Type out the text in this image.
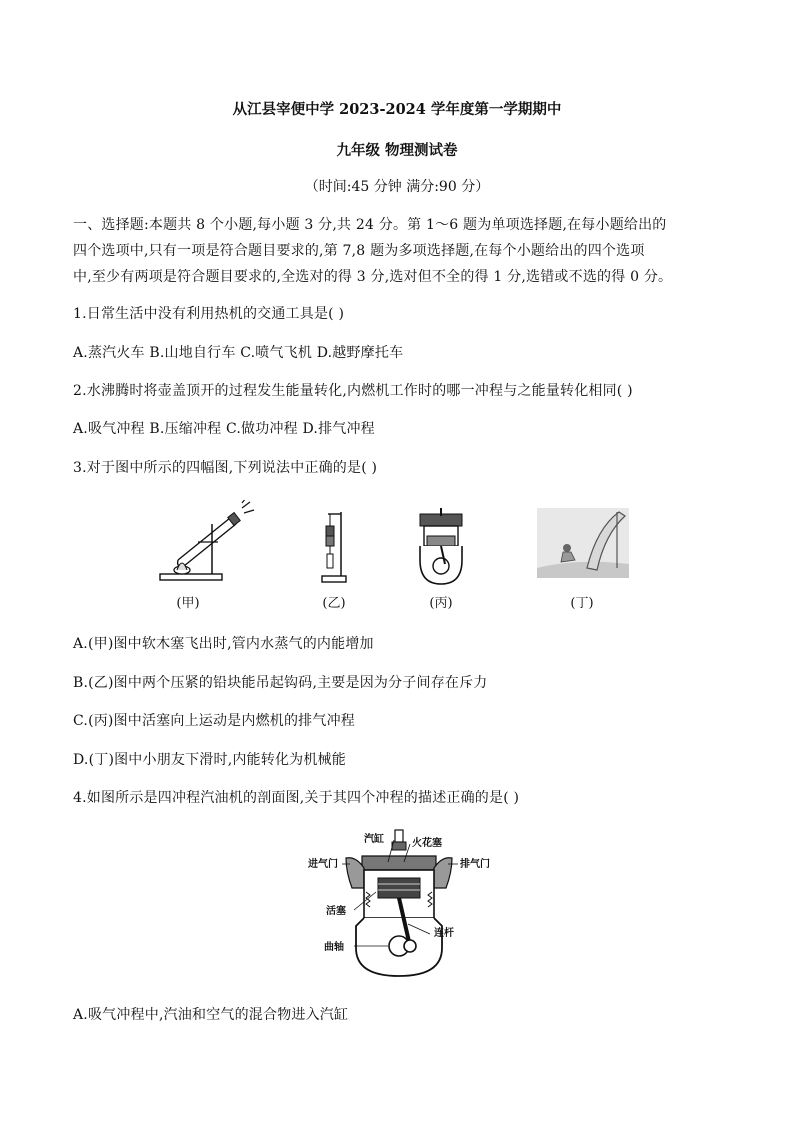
从江县宰便中学 2023-2024 学年度第一学期期中
九年级 物理测试卷
（时间:45 分钟 满分:90 分）
一、选择题:本题共 8 个小题,每小题 3 分,共 24 分。第 1～6 题为单项选择题,在每小题给出的
四个选项中,只有一项是符合题目要求的,第 7,8 题为多项选择题,在每个小题给出的四个选项
中,至少有两项是符合题目要求的,全选对的得 3 分,选对但不全的得 1 分,选错或不选的得 0 分。
1.日常生活中没有利用热机的交通工具是( )
A.蒸汽火车 B.山地自行车 C.喷气飞机 D.越野摩托车
2.水沸腾时将壶盖顶开的过程发生能量转化,内燃机工作时的哪一冲程与之能量转化相同( )
A.吸气冲程 B.压缩冲程 C.做功冲程 D.排气冲程
3.对于图中所示的四幅图,下列说法中正确的是( )
(甲)	(乙)	(丙)	(丁)
A.(甲)图中软木塞飞出时,管内水蒸气的内能增加
B.(乙)图中两个压紧的铅块能吊起钩码,主要是因为分子间存在斥力
C.(丙)图中活塞向上运动是内燃机的排气冲程
D.(丁)图中小朋友下滑时,内能转化为机械能
4.如图所示是四冲程汽油机的剖面图,关于其四个冲程的描述正确的是( )
汽缸	火花塞
进气门	排气门
活塞
连杆
曲轴
A.吸气冲程中,汽油和空气的混合物进入汽缸
